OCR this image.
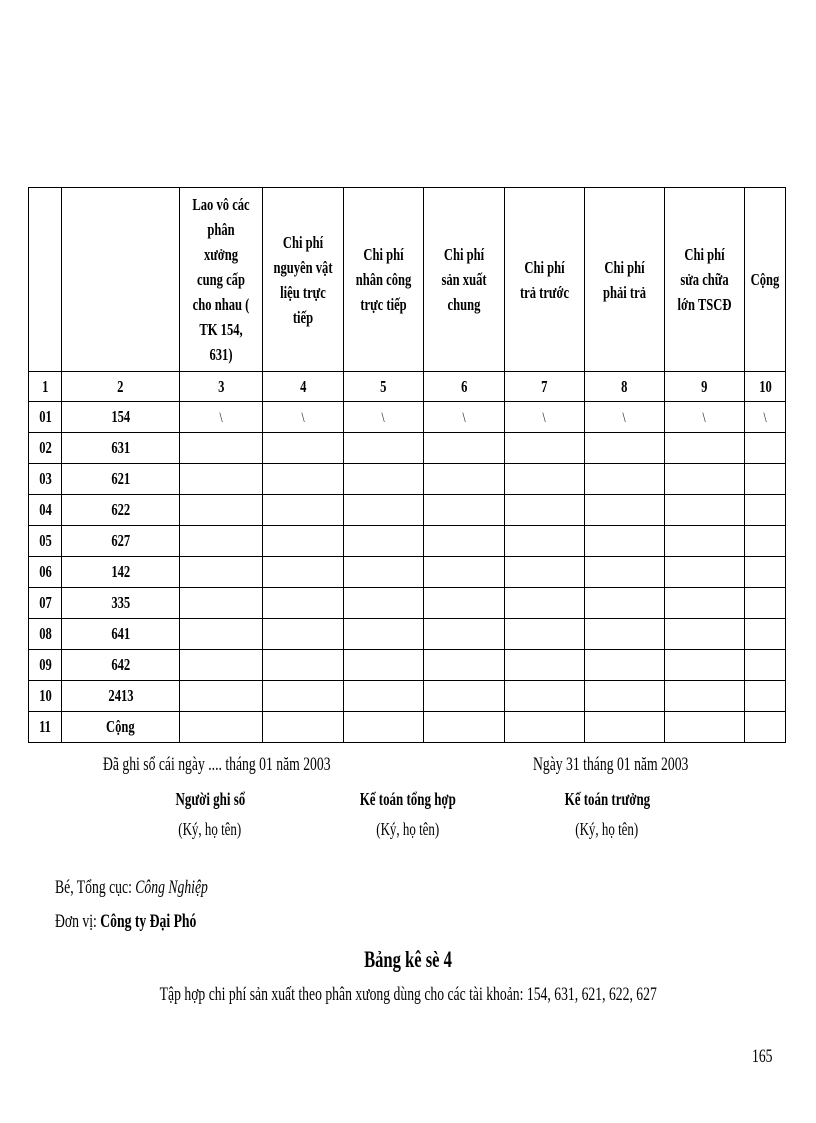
		Lao vô các phân xưởng cung cấp cho nhau ( TK 154, 631)	Chi phí nguyên vật liệu trực tiếp	Chi phí nhân công trực tiếp	Chi phí sản xuất chung	Chi phí trả trước	Chi phí phải trả	Chi phí sửa chữa lớn TSCĐ	Cộng

1	2	3	4	5	6	7	8	9	10
01	154	\	\	\	\	\	\	\	\
02	631								
03	621								
04	622								
05	627								
06	142								
07	335								
08	641								
09	642								
10	2413								
11	Cộng								
Đã ghi sổ cái ngày .... tháng 01 năm 2003	Ngày 31 tháng 01 năm 2003
Người ghi sổ
(Ký, họ tên)
Kế toán tổng hợp
(Ký, họ tên)
Kế toán trưởng
(Ký, họ tên)
Bé, Tổng cục: Công Nghiệp
Đơn vị: Công ty Đại Phó
Bảng kê sè 4
Tập hợp chi phí sản xuất theo phân xưong dùng cho các tài khoản: 154, 631, 621, 622, 627
165
